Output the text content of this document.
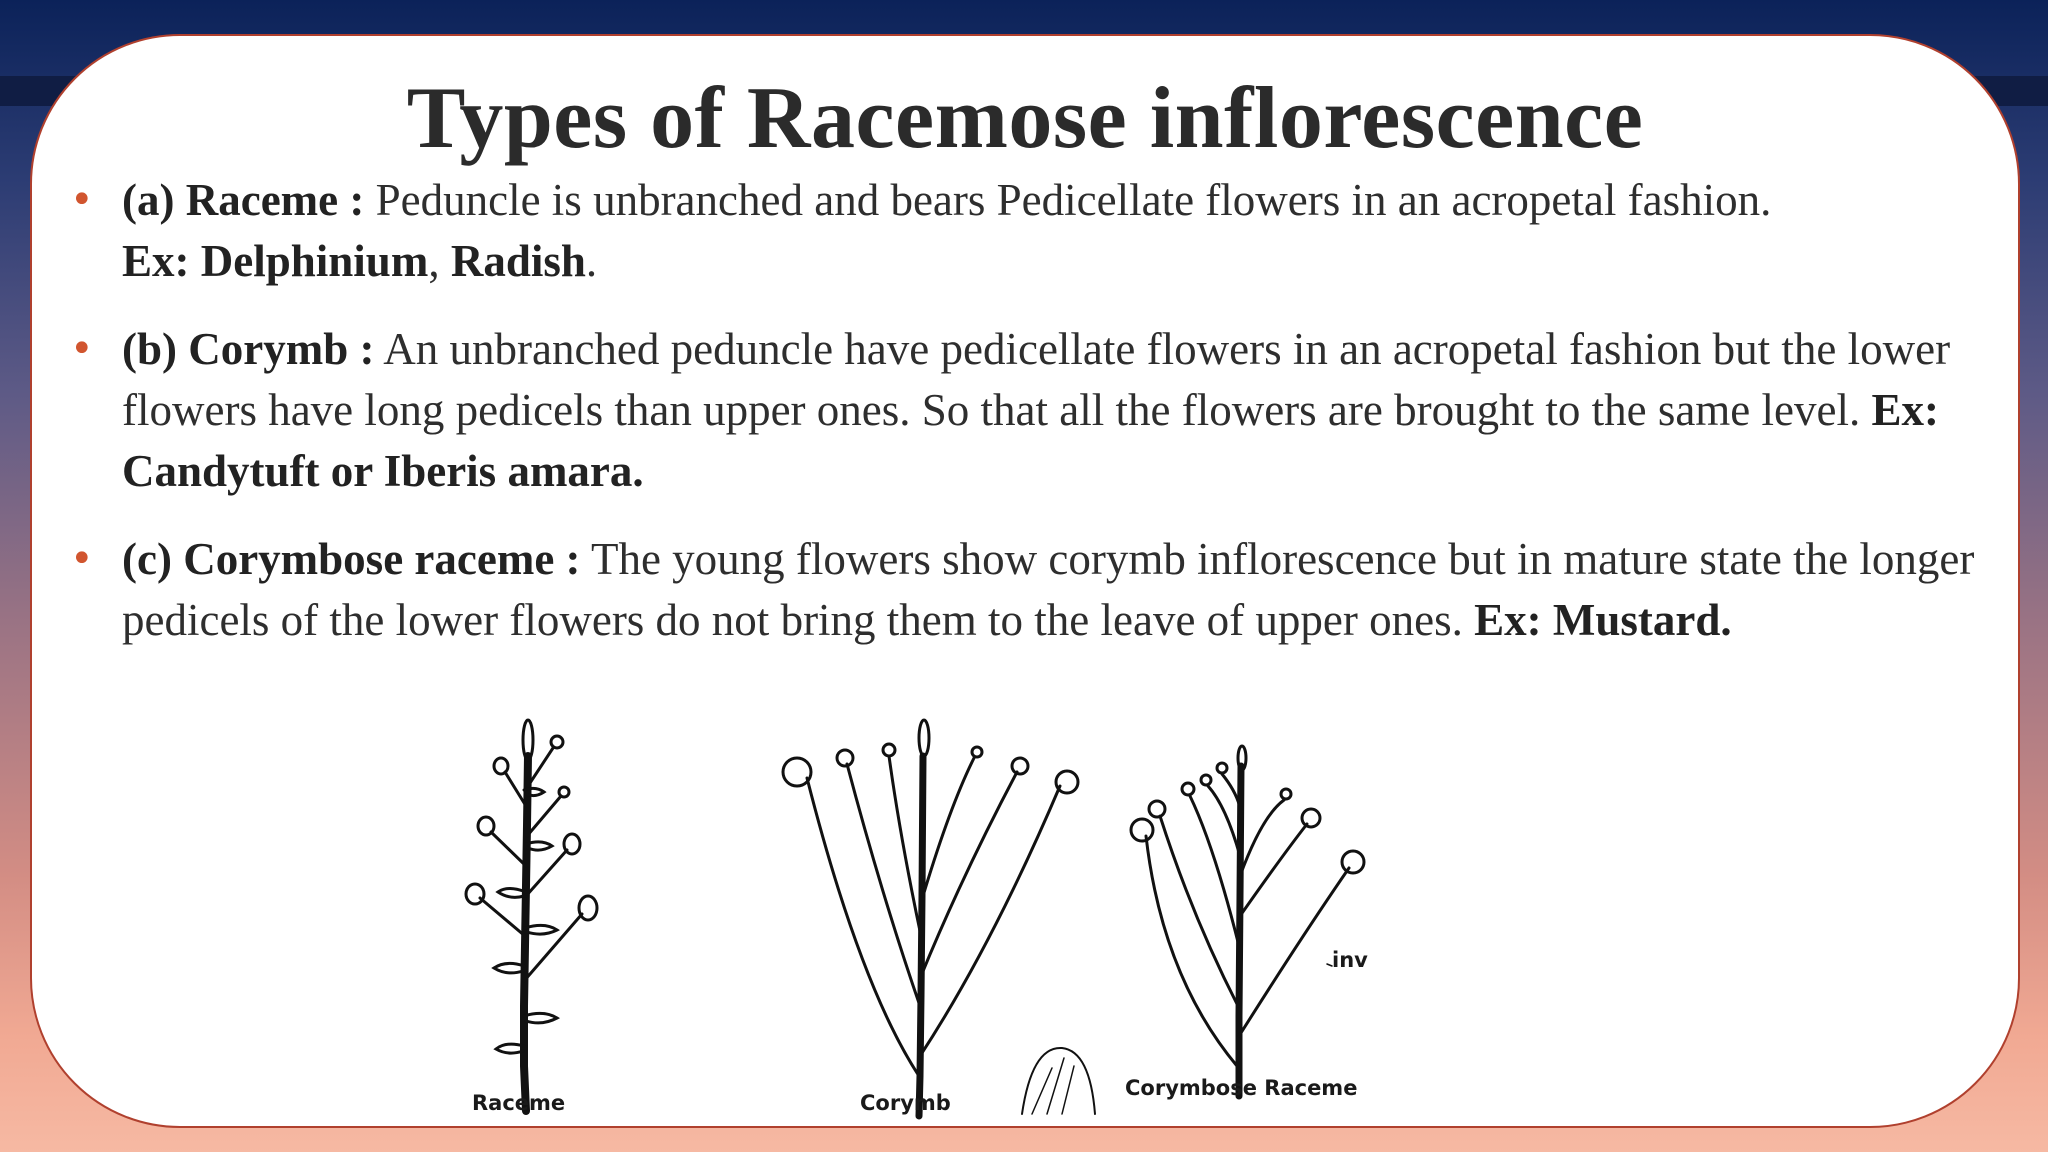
Types of Racemose inflorescence
• (a) Raceme : Peduncle is unbranched and bears Pedicellate flowers in an acropetal fashion.
Ex: Delphinium, Radish.
• (b) Corymb : An unbranched peduncle have pedicellate flowers in an acropetal fashion but the lower flowers have long pedicels than upper ones. So that all the flowers are brought to the same level. Ex: Candytuft or Iberis amara.
• (c) Corymbose raceme : The young flowers show corymb inflorescence but in mature state the longer pedicels of the lower flowers do not bring them to the leave of upper ones. Ex: Mustard.
Raceme	Corymb
Corymbose Raceme
inv
